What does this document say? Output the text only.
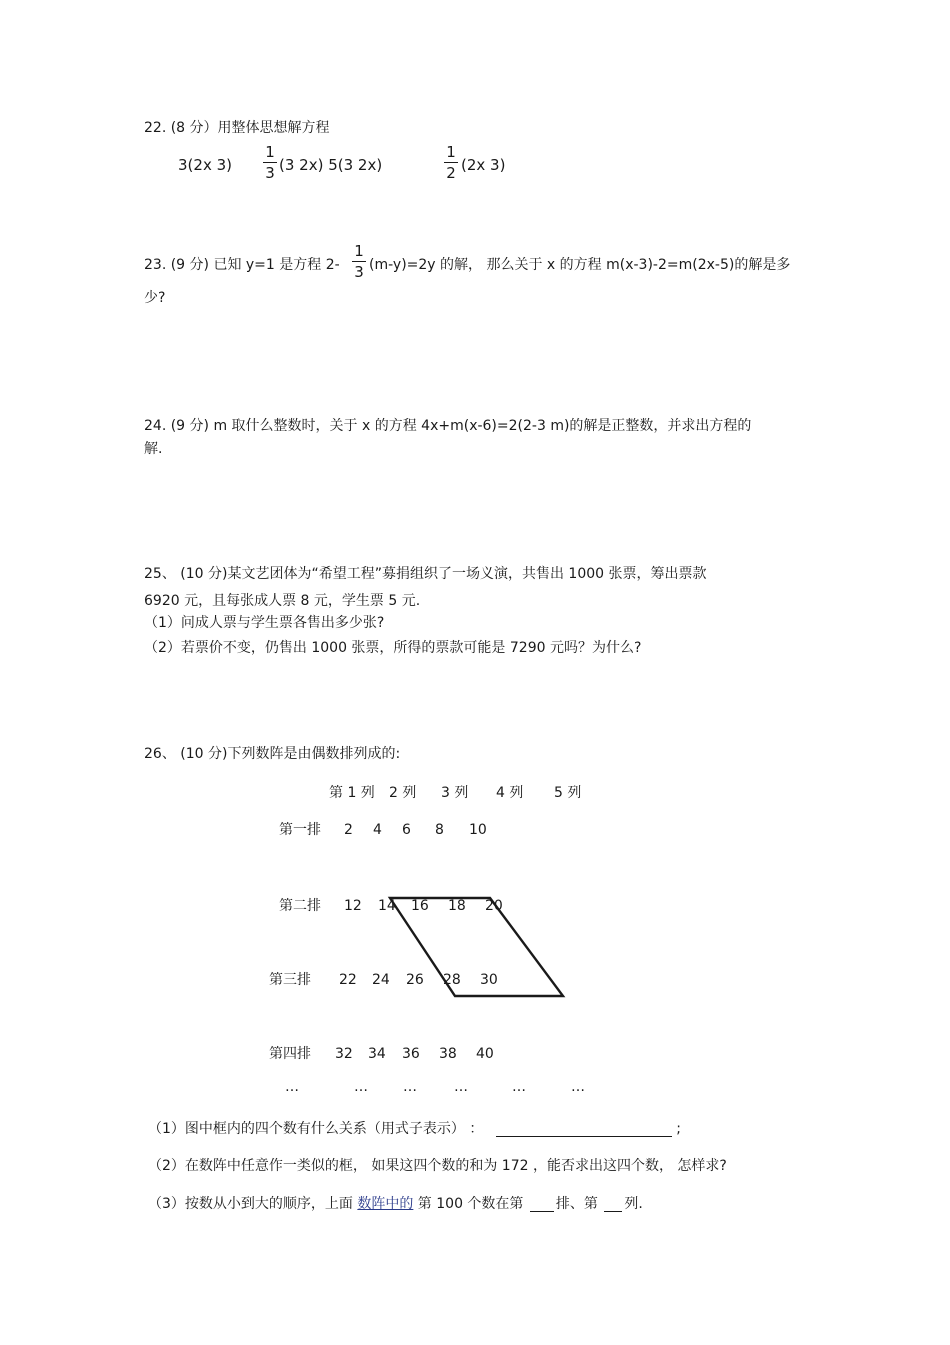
22. (8 分）用整体思想解方程
3(2x 3)
1
3 (3 2x) 5(3 2x)
1
2 (2x 3)
23. (9 分) 已知 y=1 是方程 2-
1
3 (m-y)=2y 的解， 那么关于 x 的方程 m(x-3)-2=m(2x-5)的解是多
少?
24. (9 分) m 取什么整数时，关于 x 的方程 4x+m(x-6)=2(2-3 m)的解是正整数，并求出方程的
解.
25、 (10 分)某文艺团体为“希望工程”募捐组织了一场义演，共售出 1000 张票，筹出票款
6920 元，且每张成人票 8 元，学生票 5 元.
（1）问成人票与学生票各售出多少张?
（2）若票价不变，仍售出 1000 张票，所得的票款可能是 7290 元吗？为什么?
26、 (10 分)下列数阵是由偶数排列成的:
第 1 列 2 列 3 列 4 列 5 列
第一排 2 4 6 8 10
第二排 12 14 16 18 20
第三排 22 24 26 28 30
第四排 32 34 36 38 40
…	…	…	…	…	…
（1）图中框内的四个数有什么关系（用式子表示） ：	;
（2）在数阵中任意作一类似的框， 如果这四个数的和为 172 ，能否求出这四个数， 怎样求?
（3）按数从小到大的顺序，上面 数阵中的 第 100 个数在第  排、第  列.
